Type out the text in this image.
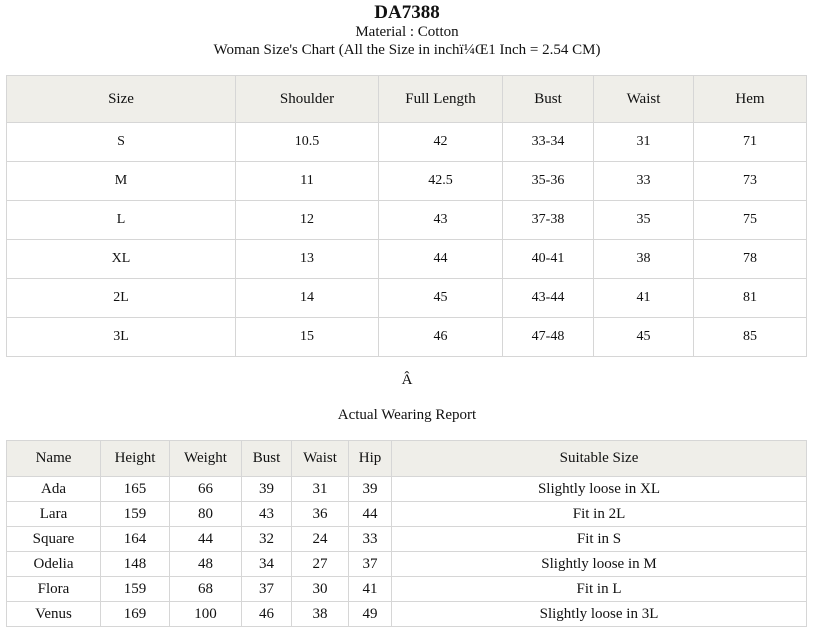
DA7388
Material : Cotton
Woman Size's Chart (All the Size in inchï¼Œ1 Inch = 2.54 CM)
Size	Shoulder	Full Length	Bust	Waist	Hem
S	10.5	42	33-34	31	71
M	11	42.5	35-36	33	73
L	12	43	37-38	35	75
XL	13	44	40-41	38	78
2L	14	45	43-44	41	81
3L	15	46	47-48	45	85
Â
Actual Wearing Report
Name	Height	Weight	Bust	Waist	Hip	Suitable Size
Ada	165	66	39	31	39	Slightly loose in XL
Lara	159	80	43	36	44	Fit in 2L
Square	164	44	32	24	33	Fit in S
Odelia	148	48	34	27	37	Slightly loose in M
Flora	159	68	37	30	41	Fit in L
Venus	169	100	46	38	49	Slightly loose in 3L
